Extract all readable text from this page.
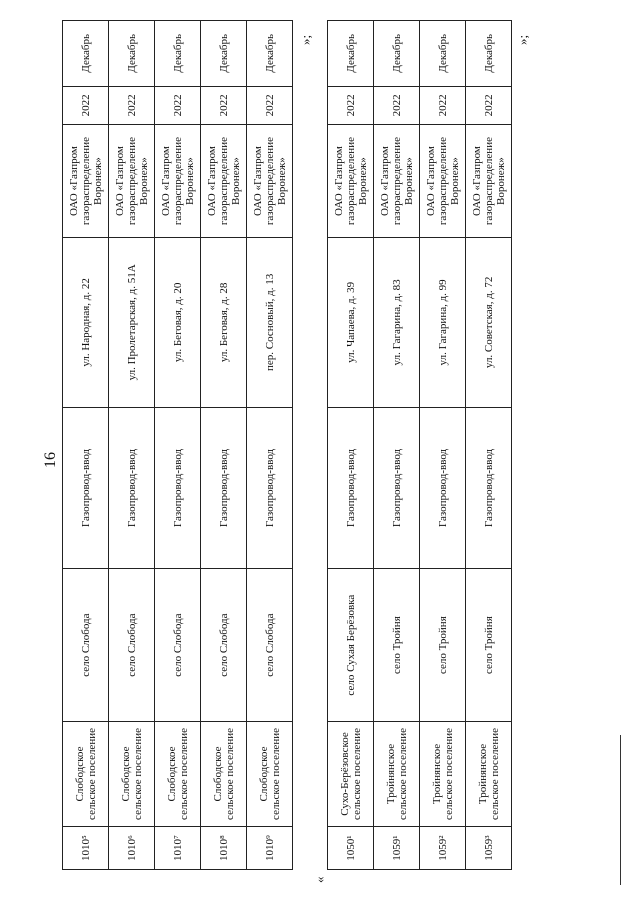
16
1010⁵	Слободское сельское поселение	село Слобода	Газопровод-ввод	ул. Народная, д. 22	ОАО «Газпром газораспределение Воронеж»	2022	Декабрь
1010⁶	Слободское сельское поселение	село Слобода	Газопровод-ввод	ул. Пролетарская, д. 51А	ОАО «Газпром газораспределение Воронеж»	2022	Декабрь
1010⁷	Слободское сельское поселение	село Слобода	Газопровод-ввод	ул. Беговая, д. 20	ОАО «Газпром газораспределение Воронеж»	2022	Декабрь
1010⁸	Слободское сельское поселение	село Слобода	Газопровод-ввод	ул. Беговая, д. 28	ОАО «Газпром газораспределение Воронеж»	2022	Декабрь
1010⁹	Слободское сельское поселение	село Слобода	Газопровод-ввод	пер. Сосновый, д. 13	ОАО «Газпром газораспределение Воронеж»	2022	Декабрь »;
«
1050¹	Сухо-Берёзовское сельское поселение	село Сухая Берёзовка	Газопровод-ввод	ул. Чапаева, д. 39	ОАО «Газпром газораспределение Воронеж»	2022	Декабрь
1059¹	Тройнянское сельское поселение	село Тройня	Газопровод-ввод	ул. Гагарина, д. 83	ОАО «Газпром газораспределение Воронеж»	2022	Декабрь
1059²	Тройнянское сельское поселение	село Тройня	Газопровод-ввод	ул. Гагарина, д. 99	ОАО «Газпром газораспределение Воронеж»	2022	Декабрь
1059³	Тройнянское сельское поселение	село Тройня	Газопровод-ввод	ул. Советская, д. 72	ОАО «Газпром газораспределение Воронеж»	2022	Декабрь »;
